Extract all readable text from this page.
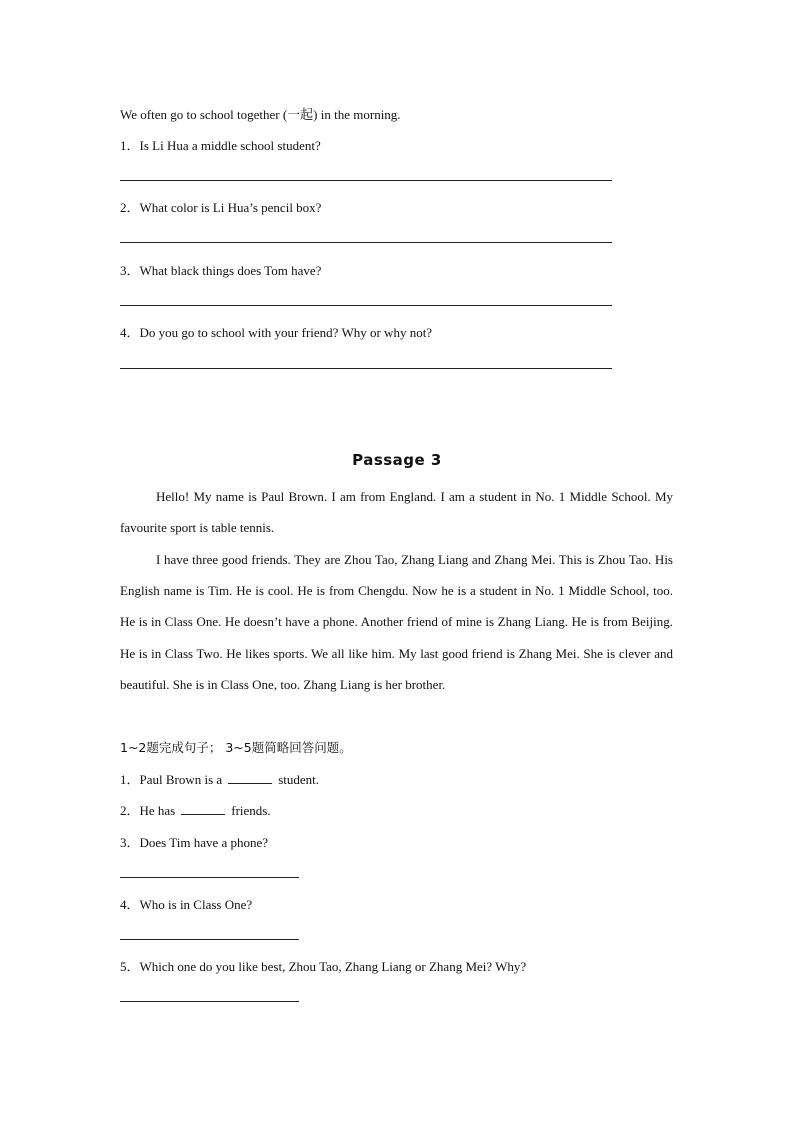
We often go to school together (一起) in the morning.
1．Is Li Hua a middle school student?
2．What color is Li Hua’s pencil box?
3．What black things does Tom have?
4．Do you go to school with your friend? Why or why not?
Passage 3
Hello! My name is Paul Brown. I am from England. I am a student in No. 1 Middle School. My favourite sport is table tennis.
I have three good friends. They are Zhou Tao, Zhang Liang and Zhang Mei. This is Zhou Tao. His English name is Tim. He is cool. He is from Chengdu. Now he is a student in No. 1 Middle School, too. He is in Class One. He doesn’t have a phone. Another friend of mine is Zhang Liang. He is from Beijing. He is in Class Two. He likes sports. We all like him. My last good friend is Zhang Mei. She is clever and beautiful. She is in Class One, too. Zhang Liang is her brother.
1~2题完成句子； 3~5题简略回答问题。
1．Paul Brown is a	student.
2．He has	friends.
3．Does Tim have a phone?
4．Who is in Class One?
5．Which one do you like best, Zhou Tao, Zhang Liang or Zhang Mei? Why?
